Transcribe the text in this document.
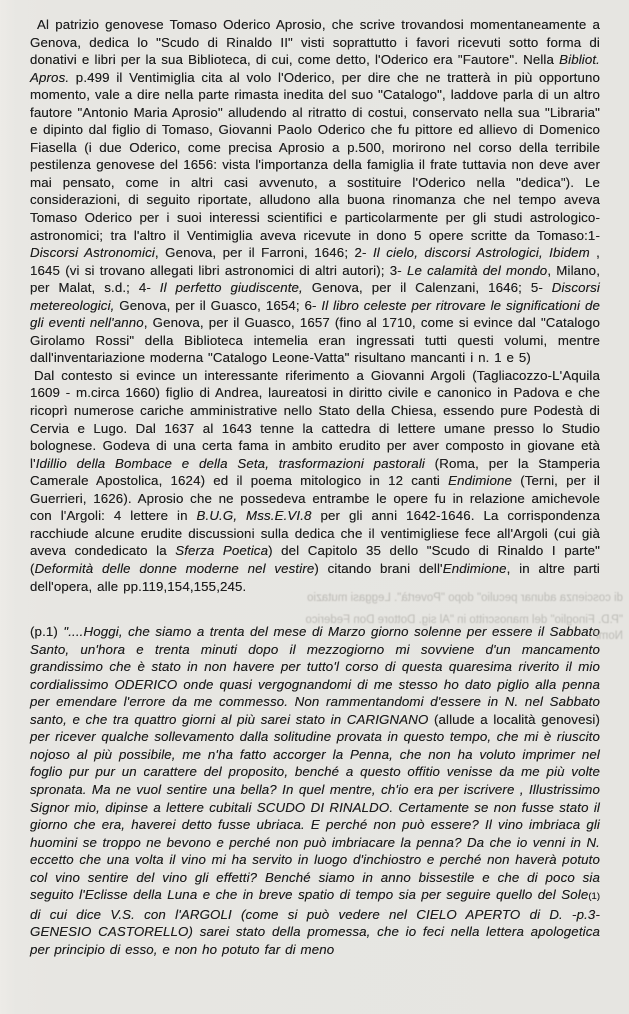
Al patrizio genovese Tomaso Oderico Aprosio, che scrive trovandosi momentaneamente a Genova, dedica lo "Scudo di Rinaldo II" visti soprattutto i favori ricevuti sotto forma di donativi e libri per la sua Biblioteca, di cui, come detto, l'Oderico era "Fautore". Nella Bibliot. Apros. p.499 il Ventimiglia cita al volo l'Oderico, per dire che ne tratterà in più opportuno momento, vale a dire nella parte rimasta inedita del suo "Catalogo", laddove parla di un altro fautore "Antonio Maria Aprosio" alludendo al ritratto di costui, conservato nella sua "Libraria" e dipinto dal figlio di Tomaso, Giovanni Paolo Oderico che fu pittore ed allievo di Domenico Fiasella (i due Oderico, come precisa Aprosio a p.500, morirono nel corso della terribile pestilenza genovese del 1656: vista l'importanza della famiglia il frate tuttavia non deve aver mai pensato, come in altri casi avvenuto, a sostituire l'Oderico nella "dedica"). Le considerazioni, di seguito riportate, alludono alla buona rinomanza che nel tempo aveva Tomaso Oderico per i suoi interessi scientifici e particolarmente per gli studi astrologico-astronomici; tra l'altro il Ventimiglia aveva ricevute in dono 5 opere scritte da Tomaso:1- Discorsi Astronomici, Genova, per il Farroni, 1646; 2- Il cielo, discorsi Astrologici, Ibidem , 1645 (vi si trovano allegati libri astronomici di altri autori); 3- Le calamità del mondo, Milano, per Malat, s.d.; 4- Il perfetto giudiscente, Genova, per il Calenzani, 1646; 5- Discorsi metereologici, Genova, per il Guasco, 1654; 6- Il libro celeste per ritrovare le significationi de gli eventi nell'anno, Genova, per il Guasco, 1657 (fino al 1710, come si evince dal "Catalogo Girolamo Rossi" della Biblioteca intemelia eran ingressati tutti questi volumi, mentre dall'inventariazione moderna "Catalogo Leone-Vatta" risultano mancanti i n. 1 e 5)

Dal contesto si evince un interessante riferimento a Giovanni Argoli (Tagliacozzo-L'Aquila 1609 - m.circa 1660) figlio di Andrea, laureatosi in diritto civile e canonico in Padova e che ricoprì numerose cariche amministrative nello Stato della Chiesa, essendo pure Podestà di Cervia e Lugo. Dal 1637 al 1643 tenne la cattedra di lettere umane presso lo Studio bolognese. Godeva di una certa fama in ambito erudito per aver composto in giovane età l'Idillio della Bombace e della Seta, trasformazioni pastorali (Roma, per la Stamperia Camerale Apostolica, 1624) ed il poema mitologico in 12 canti Endimione (Terni, per il Guerrieri, 1626). Aprosio che ne possedeva entrambe le opere fu in relazione amichevole con l'Argoli: 4 lettere in B.U.G, Mss.E.VI.8 per gli anni 1642-1646. La corrispondenza racchiude alcune erudite discussioni sulla dedica che il ventimigliese fece all'Argoli (cui già aveva condedicato la Sferza Poetica) del Capitolo 35 dello "Scudo di Rinaldo I parte" (Deformità delle donne moderne nel vestire) citando brani dell'Endimione, in altre parti dell'opera, alle pp.119,154,155,245.

(p.1) "....Hoggi, che siamo a trenta del mese di Marzo giorno solenne per essere il Sabbato Santo, un'hora e trenta minuti dopo il mezzogiorno mi sovviene d'un mancamento grandissimo che è stato in non havere per tutto'l corso di questa quaresima riverito il mio cordialissimo ODERICO onde quasi vergognandomi di me stesso ho dato piglio alla penna per emendare l'errore da me commesso. Non rammentandomi d'essere in N. nel Sabbato santo, e che tra quattro giorni al più sarei stato in CARIGNANO (allude a località genovesi) per ricever qualche sollevamento dalla solitudine provata in questo tempo, che mi è riuscito nojoso al più possibile, me n'ha fatto accorger la Penna, che non ha voluto imprimer nel foglio pur pur un carattere del proposito, benché a questo offitio venisse da me più volte spronata. Ma ne vuol sentire una bella? In quel mentre, ch'io era per iscrivere , Illustrissimo Signor mio, dipinse a lettere cubitali SCUDO DI RINALDO. Certamente se non fusse stato il giorno che era, haverei detto fusse ubriaca. E perché non può essere? Il vino imbriaca gli huomini se troppo ne bevono e perché non può imbriacare la penna? Da che io venni in N. eccetto che una volta il vino mi ha servito in luogo d'inchiostro e perché non haverà potuto col vino sentire del vino gli effetti? Benché siamo in anno bissestile e che di poco sia seguito l'Eclisse della Luna e che in breve spatio di tempo sia per seguire quello del Sole(1) di cui dice V.S. con l'ARGOLI (come si può vedere nel CIELO APERTO di D. -p.3- GENESIO CASTORELLO) sarei stato della promessa, che io feci nella lettera apologetica per principio di esso, e non ho potuto far di meno

di coscienza adunar peculio" dopo "Povertà". Leggasi mutazio
"P.D. Finoglio" del manoscritto in "Al sig. Dottore Don Federico Nomi".
